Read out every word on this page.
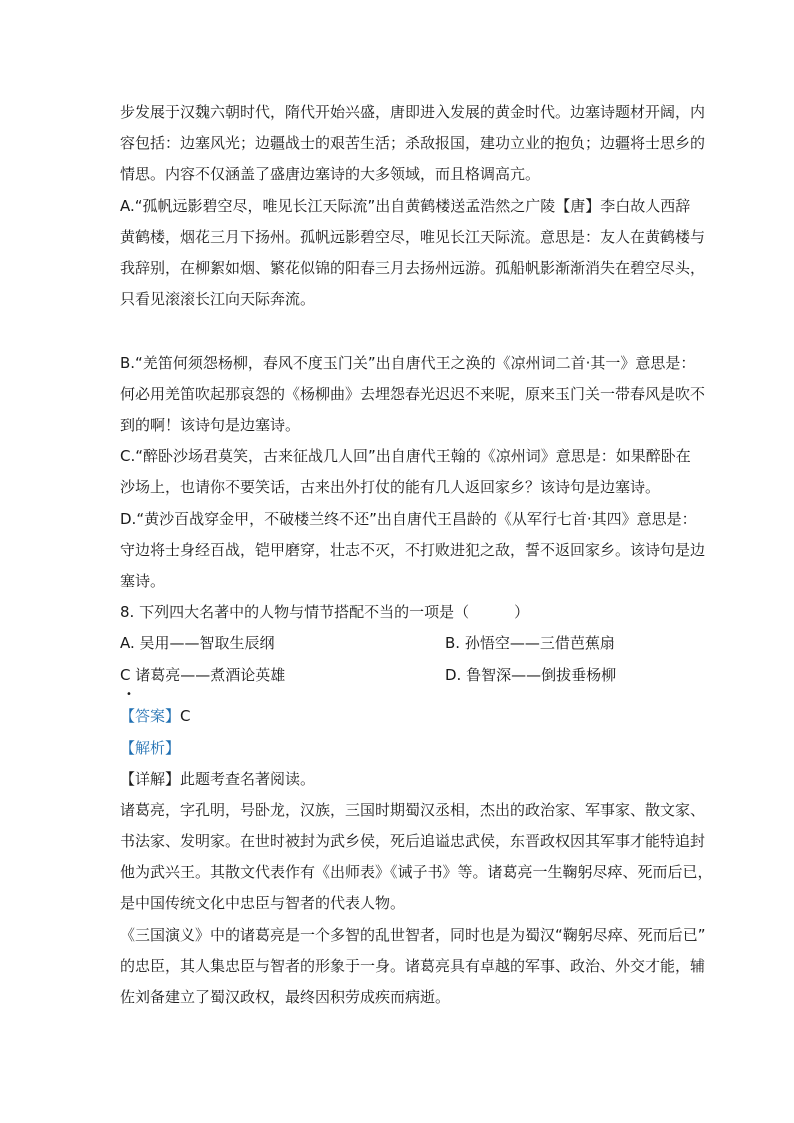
步发展于汉魏六朝时代，隋代开始兴盛，唐即进入发展的黄金时代。边塞诗题材开阔，内
容包括：边塞风光；边疆战士的艰苦生活；杀敌报国，建功立业的抱负；边疆将士思乡的
情思。内容不仅涵盖了盛唐边塞诗的大多领域，而且格调高亢。
A.“孤帆远影碧空尽，唯见长江天际流”出自黄鹤楼送孟浩然之广陵【唐】李白故人西辞
黄鹤楼，烟花三月下扬州。孤帆远影碧空尽，唯见长江天际流。意思是：友人在黄鹤楼与
我辞别，在柳絮如烟、繁花似锦的阳春三月去扬州远游。孤船帆影渐渐消失在碧空尽头，
只看见滚滚长江向天际奔流。
B.“羌笛何须怨杨柳，春风不度玉门关”出自唐代王之涣的《凉州词二首·其一》意思是：
何必用羌笛吹起那哀怨的《杨柳曲》去埋怨春光迟迟不来呢，原来玉门关一带春风是吹不
到的啊！该诗句是边塞诗。
C.“醉卧沙场君莫笑，古来征战几人回”出自唐代王翰的《凉州词》意思是：如果醉卧在
沙场上，也请你不要笑话，古来出外打仗的能有几人返回家乡？该诗句是边塞诗。
D.“黄沙百战穿金甲，不破楼兰终不还”出自唐代王昌龄的《从军行七首·其四》意思是：
守边将士身经百战，铠甲磨穿，壮志不灭，不打败进犯之敌，誓不返回家乡。该诗句是边
塞诗。
8. 下列四大名著中的人物与情节搭配不当的一项是（　　　）
A. 吴用——智取生辰纲	B. 孙悟空——三借芭蕉扇
C 诸葛亮——煮酒论英雄	D. 鲁智深——倒拔垂杨柳
•
【答案】C
【解析】
【详解】此题考查名著阅读。
诸葛亮，字孔明，号卧龙，汉族，三国时期蜀汉丞相，杰出的政治家、军事家、散文家、
书法家、发明家。在世时被封为武乡侯，死后追谥忠武侯，东晋政权因其军事才能特追封
他为武兴王。其散文代表作有《出师表》《诫子书》等。诸葛亮一生鞠躬尽瘁、死而后已，
是中国传统文化中忠臣与智者的代表人物。
《三国演义》中的诸葛亮是一个多智的乱世智者，同时也是为蜀汉“鞠躬尽瘁、死而后已”
的忠臣，其人集忠臣与智者的形象于一身。诸葛亮具有卓越的军事、政治、外交才能，辅
佐刘备建立了蜀汉政权，最终因积劳成疾而病逝。
